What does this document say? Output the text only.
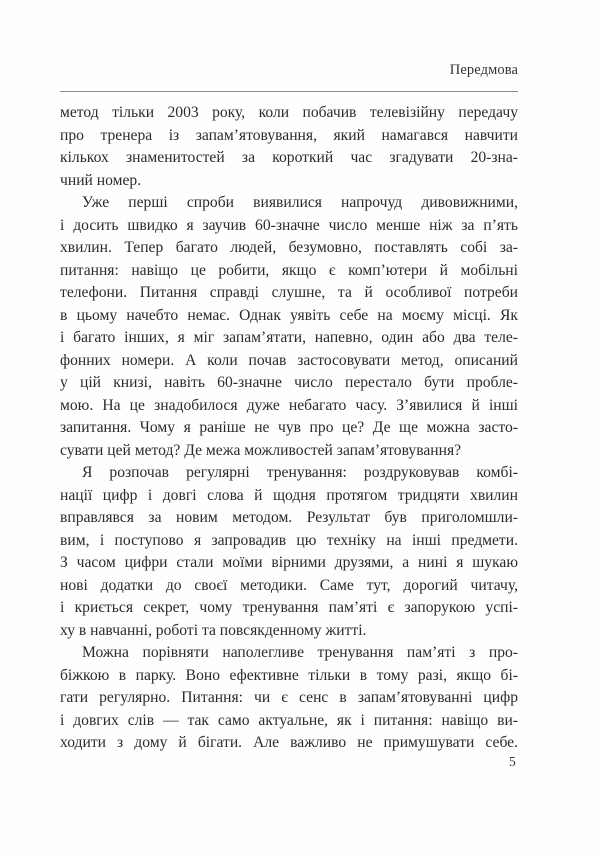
Передмова
метод тільки 2003 року, коли побачив телевізійну передачу
про тренера із запам’ятовування, який намагався навчити
кількох знаменитостей за короткий час згадувати 20-зна-
чний номер.
Уже перші спроби виявилися напрочуд дивовижними,
і досить швидко я заучив 60-значне число менше ніж за п’ять
хвилин. Тепер багато людей, безумовно, поставлять собі за-
питання: навіщо це робити, якщо є комп’ютери й мобільні
телефони. Питання справді слушне, та й особливої потреби
в цьому начебто немає. Однак уявіть себе на моєму місці. Як
і багато інших, я міг запам’ятати, напевно, один або два теле-
фонних номери. А коли почав застосовувати метод, описаний
у цій книзі, навіть 60-значне число перестало бути пробле-
мою. На це знадобилося дуже небагато часу. З’явилися й інші
запитання. Чому я раніше не чув про це? Де ще можна засто-
сувати цей метод? Де межа можливостей запам’ятовування?
Я розпочав регулярні тренування: роздруковував комбі-
нації цифр і довгі слова й щодня протягом тридцяти хвилин
вправлявся за новим методом. Результат був приголомшли-
вим, і поступово я запровадив цю техніку на інші предмети.
З часом цифри стали моїми вірними друзями, а нині я шукаю
нові додатки до своєї методики. Саме тут, дорогий читачу,
і криється секрет, чому тренування пам’яті є запорукою успі-
ху в навчанні, роботі та повсякденному житті.
Можна порівняти наполегливе тренування пам’яті з про-
біжкою в парку. Воно ефективне тільки в тому разі, якщо бі-
гати регулярно. Питання: чи є сенс в запам’ятовуванні цифр
і довгих слів — так само актуальне, як і питання: навіщо ви-
ходити з дому й бігати. Але важливо не примушувати себе.
5
